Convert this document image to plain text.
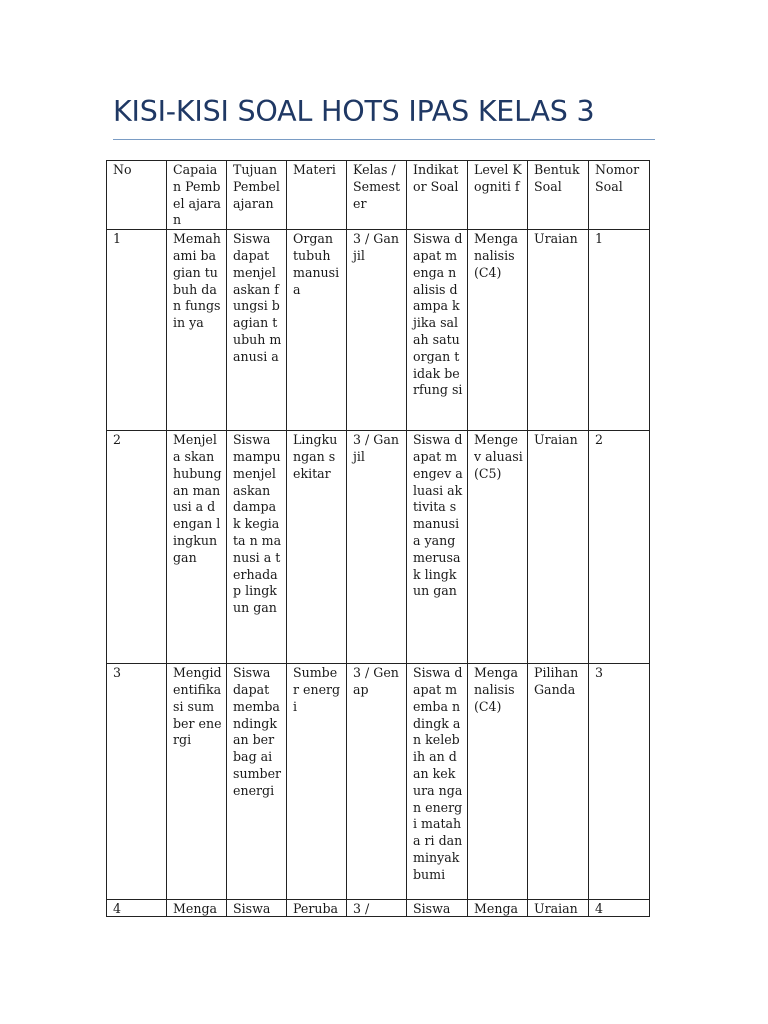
KISI-KISI SOAL HOTS IPAS KELAS 3
No	Capaia n Pembel ajaran	Tujuan Pembel ajaran	Materi	Kelas / Semest er	Indikat or Soal	Level Kogniti f	Bentuk Soal	Nomor Soal
1	Memah ami bagian tubuh dan fungsin ya	Siswa dapat menjel askan fungsi bagian tubuh manusi a	Organ tubuh manusi a	3 / Ganjil	Siswa dapat menga nalisis dampa k jika salah satu organ tidak berfung si	Menga nalisis (C4)	Uraian	1
2	Menjela skan hubung an manusi a dengan lingkun gan	Siswa mampu menjel askan dampa k kegiata n manusi a terhada p lingkun gan	Lingku ngan sekitar	3 / Ganjil	Siswa dapat mengev aluasi aktivita s manusi a yang merusa k lingkun gan	Mengev aluasi (C5)	Uraian	2
3	Mengid entifika si sumber energi	Siswa dapat memba ndingk an berbag ai sumber energi	Sumber energi	3 / Genap	Siswa dapat memba ndingk an kelebih an dan kekura ngan energi mataha ri dan minyak bumi	Menga nalisis (C4)	Pilihan Ganda	3
4	Menga	Siswa	Peruba	3 /	Siswa	Menga	Uraian	4
